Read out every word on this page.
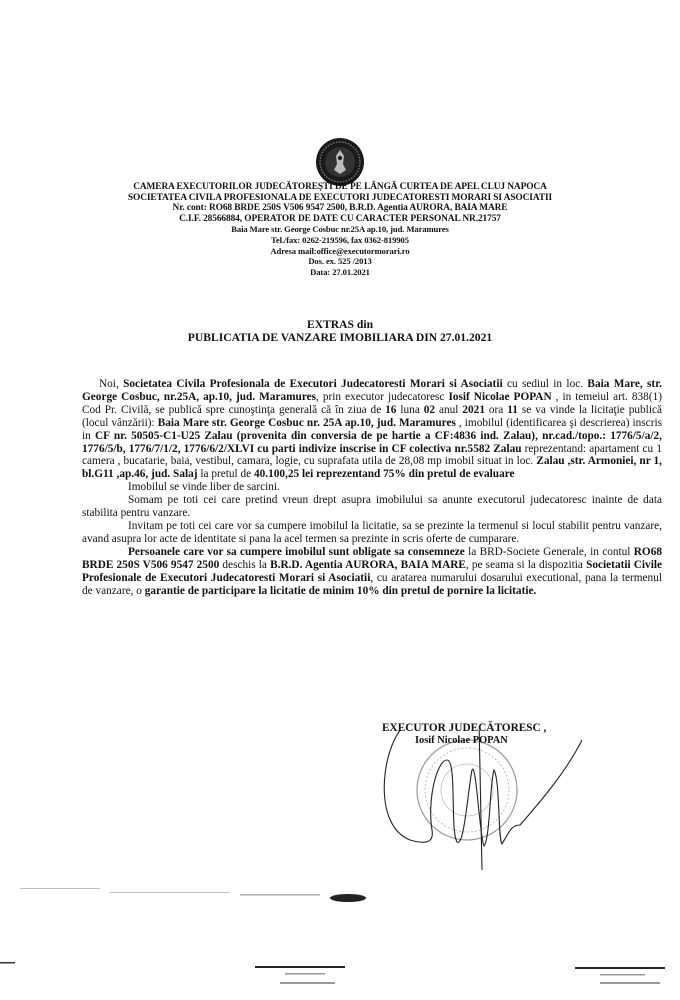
CAMERA EXECUTORILOR JUDECĂTOREȘTI DE PE LÂNGĂ CURTEA DE APEL CLUJ NAPOCA
SOCIETATEA CIVILA PROFESIONALA DE EXECUTORI JUDECATORESTI MORARI SI ASOCIATII
Nr. cont: RO68 BRDE 250S V506 9547 2500, B.R.D. Agentia AURORA, BAIA MARE
C.I.F. 28566884, OPERATOR DE DATE CU CARACTER PERSONAL NR.21757
Baia Mare str. George Cosbuc nr.25A ap.10, jud. Maramures
Tel./fax: 0262-219596, fax 0362-819905
Adresa mail:office@executormorari.ro
Dos. ex. 525 /2013
Data: 27.01.2021
EXTRAS din
PUBLICATIA DE VANZARE IMOBILIARA DIN 27.01.2021

Noi, Societatea Civila Profesionala de Executori Judecatoresti Morari si Asociatii cu sediul in loc. Baia Mare, str. George Cosbuc, nr.25A, ap.10, jud. Maramures, prin executor judecatoresc Iosif Nicolae POPAN , in temeiul art. 838(1) Cod Pr. Civilă, se publică spre cunoştinţa generală că în ziua de 16 luna 02 anul 2021 ora 11 se va vinde la licitaţie publică (locul vânzării): Baia Mare str. George Cosbuc nr. 25A ap.10, jud. Maramures , imobilul (identificarea şi descrierea) inscris in CF nr. 50505-C1-U25 Zalau (provenita din conversia de pe hartie a CF:4836 ind. Zalau), nr.cad./topo.: 1776/5/a/2, 1776/5/b, 1776/7/1/2, 1776/6/2/XLVI cu parti indivize inscrise in CF colectiva nr.5582 Zalau reprezentand: apartament cu 1 camera , bucatarie, baia, vestibul, camara, logie, cu suprafata utila de 28,08 mp imobil situat in loc. Zalau ,str. Armoniei, nr 1, bl.G11 ,ap.46, jud. Salaj la pretul de 40.100,25 lei reprezentand 75% din pretul de evaluare

Imobilul se vinde liber de sarcini.

Somam pe toti cei care pretind vreun drept asupra imobilului sa anunte executorul judecatoresc inainte de data stabilita pentru vanzare.

Invitam pe toti cei care vor sa cumpere imobilul la licitatie, sa se prezinte la termenul si locul stabilit pentru vanzare, avand asupra lor acte de identitate si pana la acel termen sa prezinte in scris oferte de cumparare.

Persoanele care vor sa cumpere imobilul sunt obligate sa consemneze la BRD-Societe Generale, in contul RO68 BRDE 250S V506 9547 2500 deschis la B.R.D. Agentia AURORA, BAIA MARE, pe seama si la dispozitia Societatii Civile Profesionale de Executori Judecatoresti Morari si Asociatii, cu aratarea numarului dosarului executional, pana la termenul de vanzare, o garantie de participare la licitatie de minim 10% din pretul de pornire la licitatie.

EXECUTOR JUDECĂTORESC ,
Iosif Nicolae POPAN
